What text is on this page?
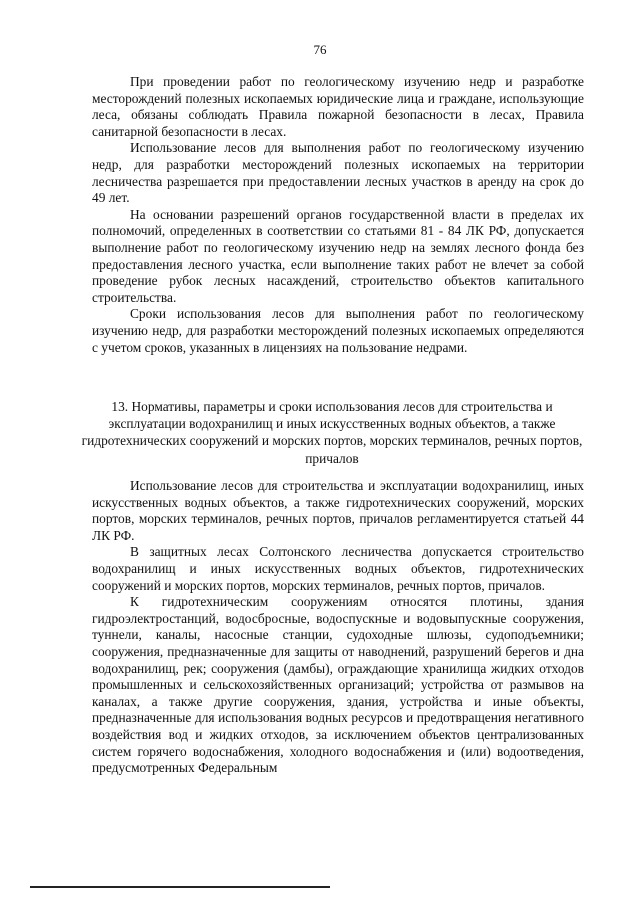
76

При проведении работ по геологическому изучению недр и разработке месторождений полезных ископаемых юридические лица и граждане, использующие леса, обязаны соблюдать Правила пожарной безопасности в лесах, Правила санитарной безопасности в лесах.

Использование лесов для выполнения работ по геологическому изучению недр, для разработки месторождений полезных ископаемых на территории лесничества разрешается при предоставлении лесных участков в аренду на срок до 49 лет.

На основании разрешений органов государственной власти в пределах их полномочий, определенных в соответствии со статьями 81 - 84 ЛК РФ, допускается выполнение работ по геологическому изучению недр на землях лесного фонда без предоставления лесного участка, если выполнение таких работ не влечет за собой проведение рубок лесных насаждений, строительство объектов капитального строительства.

Сроки использования лесов для выполнения работ по геологическому изучению недр, для разработки месторождений полезных ископаемых определяются с учетом сроков, указанных в лицензиях на пользование недрами.

13. Нормативы, параметры и сроки использования лесов для строительства и эксплуатации водохранилищ и иных искусственных водных объектов, а также гидротехнических сооружений и морских портов, морских терминалов, речных портов, причалов

Использование лесов для строительства и эксплуатации водохранилищ, иных искусственных водных объектов, а также гидротехнических сооружений, морских портов, морских терминалов, речных портов, причалов регламентируется статьей 44 ЛК РФ.

В защитных лесах Солтонского лесничества допускается строительство водохранилищ и иных искусственных водных объектов, гидротехнических сооружений и морских портов, морских терминалов, речных портов, причалов.

К гидротехническим сооружениям относятся плотины, здания гидроэлектростанций, водосбросные, водоспускные и водовыпускные сооружения, туннели, каналы, насосные станции, судоходные шлюзы, судоподъемники; сооружения, предназначенные для защиты от наводнений, разрушений берегов и дна водохранилищ, рек; сооружения (дамбы), ограждающие хранилища жидких отходов промышленных и сельскохозяйственных организаций; устройства от размывов на каналах, а также другие сооружения, здания, устройства и иные объекты, предназначенные для использования водных ресурсов и предотвращения негативного воздействия вод и жидких отходов, за исключением объектов централизованных систем горячего водоснабжения, холодного водоснабжения и (или) водоотведения, предусмотренных Федеральным
